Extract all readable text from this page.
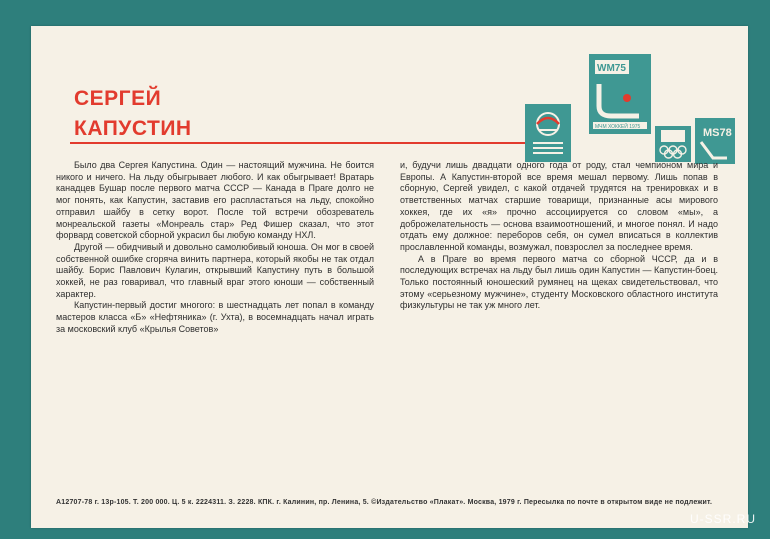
СЕРГЕЙ
КАПУСТИН
WM75
МЧМ ХОККЕЙ 1975	MS78

Было два Сергея Капустина. Один — настоящий мужчина. Не боится никого и ничего. На льду обыгрывает любого. И как обыгрывает! Вратарь канадцев Бушар после первого матча СССР — Канада в Праге долго не мог понять, как Капустин, заставив его распластаться на льду, спокойно отправил шайбу в сетку ворот. После той встречи обозреватель монреальской газеты «Монреаль стар» Ред Фишер сказал, что этот форвард советской сборной украсил бы любую команду НХЛ.

Другой — обидчивый и довольно самолюбивый юноша. Он мог в своей собственной ошибке сгоряча винить партнера, который якобы не так отдал шайбу. Борис Павлович Кулагин, открывший Капустину путь в большой хоккей, не раз говаривал, что главный враг этого юноши — собственный характер.

Капустин-первый достиг многого: в шестнадцать лет попал в команду мастеров класса «Б» «Нефтяника» (г. Ухта), в восемнадцать начал играть за московский клуб «Крылья Советов»

и, будучи лишь двадцати одного года от роду, стал чемпионом мира и Европы. А Капустин-второй все время мешал первому. Лишь попав в сборную, Сергей увидел, с какой отдачей трудятся на тренировках и в ответственных матчах старшие товарищи, признанные асы мирового хоккея, где их «я» прочно ассоциируется со словом «мы», а доброжелательность — основа взаимоотношений, и многое понял. И надо отдать ему должное: переборов себя, он сумел вписаться в коллектив прославленной команды, возмужал, повзрослел за последнее время.

А в Праге во время первого матча со сборной ЧССР, да и в последующих встречах на льду был лишь один Капустин — Капустин-боец. Только постоянный юношеский румянец на щеках свидетельствовал, что этому «серьезному мужчине», студенту Московского областного института физкультуры не так уж много лет.

А12707-78 г. 13р-105. Т. 200 000. Ц. 5 к. 2224311. З. 2228. КПК. г. Калинин, пр. Ленина, 5. ©Издательство «Плакат». Москва, 1979 г. Пересылка по почте в открытом виде не подлежит.
U-SSR.RU
